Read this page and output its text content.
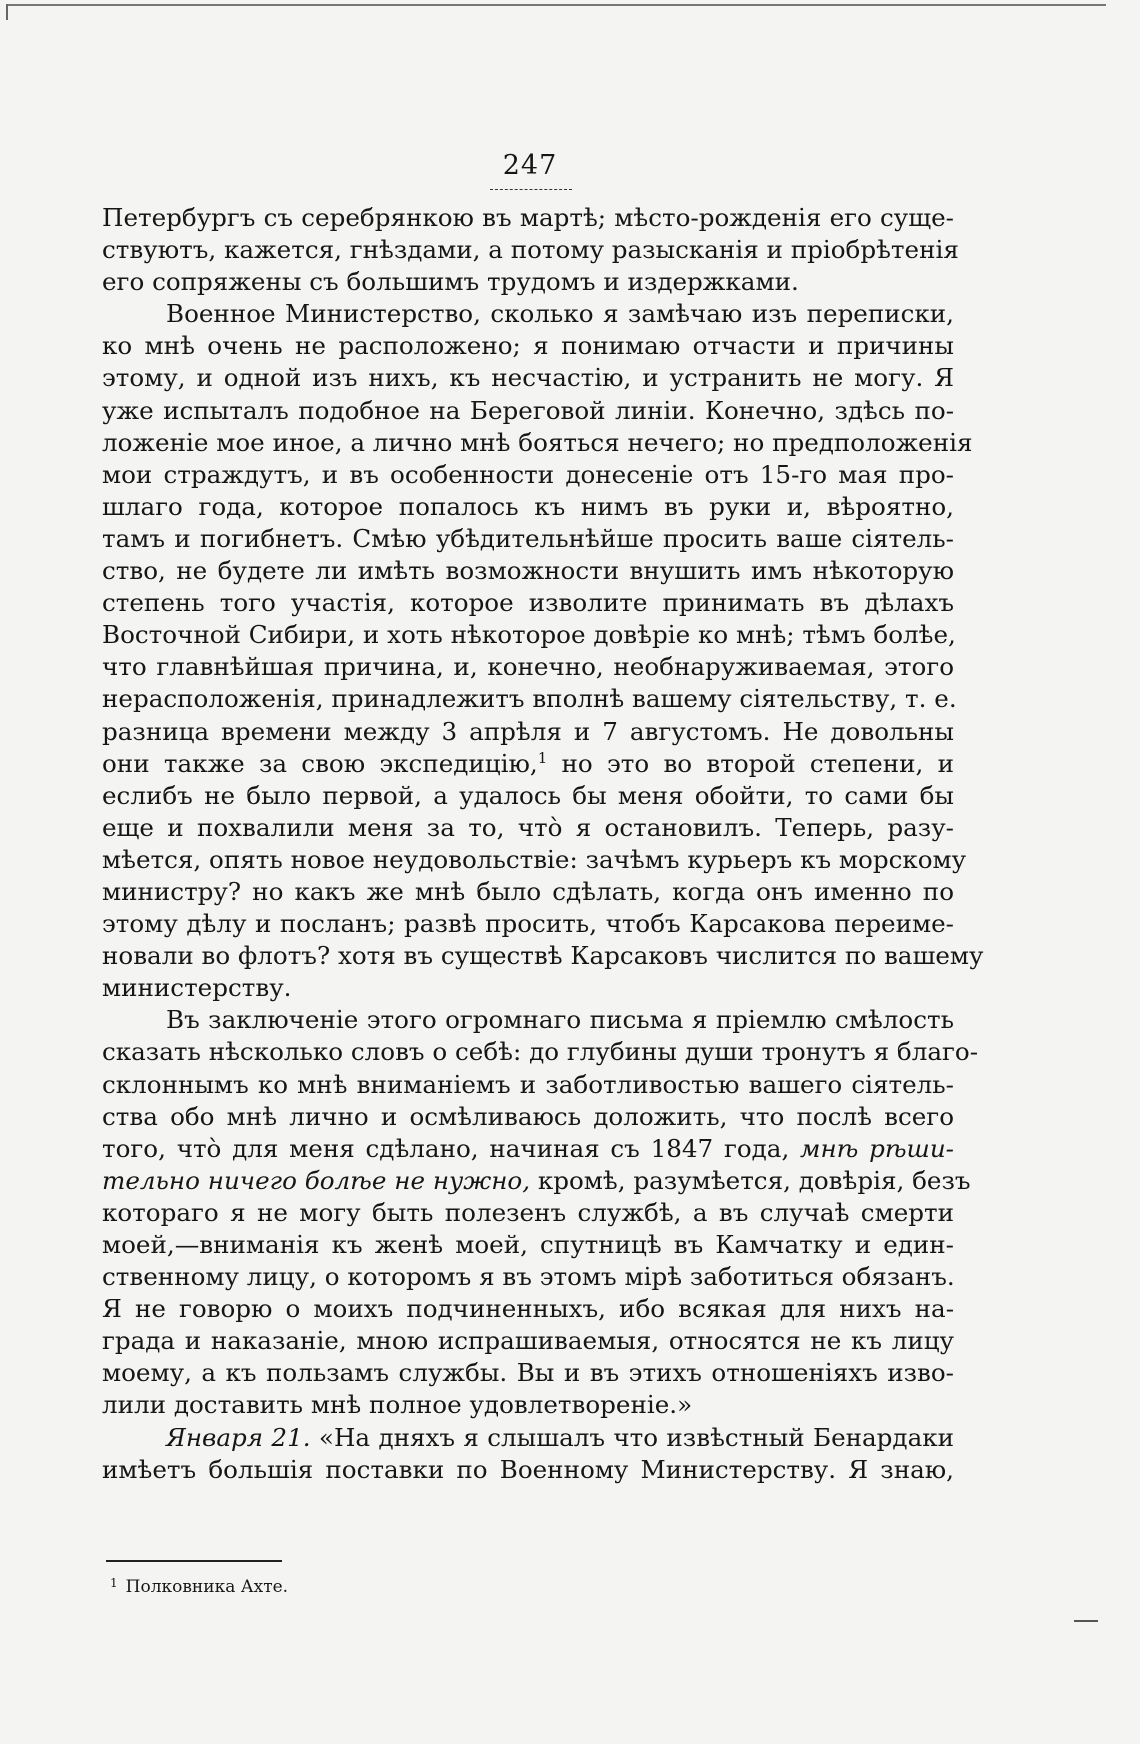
247
Петербургъ съ серебрянкою въ мартѣ; мѣсто-рожденія его суще-
ствуютъ, кажется, гнѣздами, а потому разысканія и пріобрѣтенія
его сопряжены съ большимъ трудомъ и издержками.
Военное Министерство, сколько я замѣчаю изъ переписки,
ко мнѣ очень не расположено; я понимаю отчасти и причины
этому, и одной изъ нихъ, къ несчастію, и устранить не могу. Я
уже испыталъ подобное на Береговой линіи. Конечно, здѣсь по-
ложеніе мое иное, а лично мнѣ бояться нечего; но предположенія
мои страждутъ, и въ особенности донесеніе отъ 15-го мая про-
шлаго года, которое попалось къ нимъ въ руки и, вѣроятно,
тамъ и погибнетъ. Смѣю убѣдительнѣйше просить ваше сіятель-
ство, не будете ли имѣть возможности внушить имъ нѣкоторую
степень того участія, которое изволите принимать въ дѣлахъ
Восточной Сибири, и хоть нѣкоторое довѣріе ко мнѣ; тѣмъ болѣе,
что главнѣйшая причина, и, конечно, необнаруживаемая, этого
нерасположенія, принадлежитъ вполнѣ вашему сіятельству, т. е.
разница времени между 3 апрѣля и 7 августомъ. Не довольны
они также за свою экспедицію,$^1$ но это во второй степени, и
еслибъ не было первой, а удалось бы меня обойти, то сами бы
еще и похвалили меня за то, чтò я остановилъ. Теперь, разу-
мѣется, опять новое неудовольствіе: зачѣмъ курьеръ къ морскому
министру? но какъ же мнѣ было сдѣлать, когда онъ именно по
этому дѣлу и посланъ; развѣ просить, чтобъ Карсакова переиме-
новали во флотъ? хотя въ существѣ Карсаковъ числится по вашему
министерству.
Въ заключеніе этого огромнаго письма я пріемлю смѣлость
сказать нѣсколько словъ о себѣ: до глубины души тронутъ я благо-
склоннымъ ко мнѣ вниманіемъ и заботливостью вашего сіятель-
ства обо мнѣ лично и осмѣливаюсь доложить, что послѣ всего
того, чтò для меня сдѣлано, начиная съ 1847 года, мнѣ рѣши-
тельно ничего болѣе не нужно, кромѣ, разумѣется, довѣрія, безъ
котораго я не могу быть полезенъ службѣ, а въ случаѣ смерти
моей,—вниманія къ женѣ моей, спутницѣ въ Камчатку и един-
ственному лицу, о которомъ я въ этомъ мірѣ заботиться обязанъ.
Я не говорю о моихъ подчиненныхъ, ибо всякая для нихъ на-
града и наказаніе, мною испрашиваемыя, относятся не къ лицу
моему, а къ пользамъ службы. Вы и въ этихъ отношеніяхъ изво-
лили доставить мнѣ полное удовлетвореніе.»
Января 21. «На дняхъ я слышалъ что извѣстный Бенардаки
имѣетъ большія поставки по Военному Министерству. Я знаю,
$^1$ Полковника Ахте.
